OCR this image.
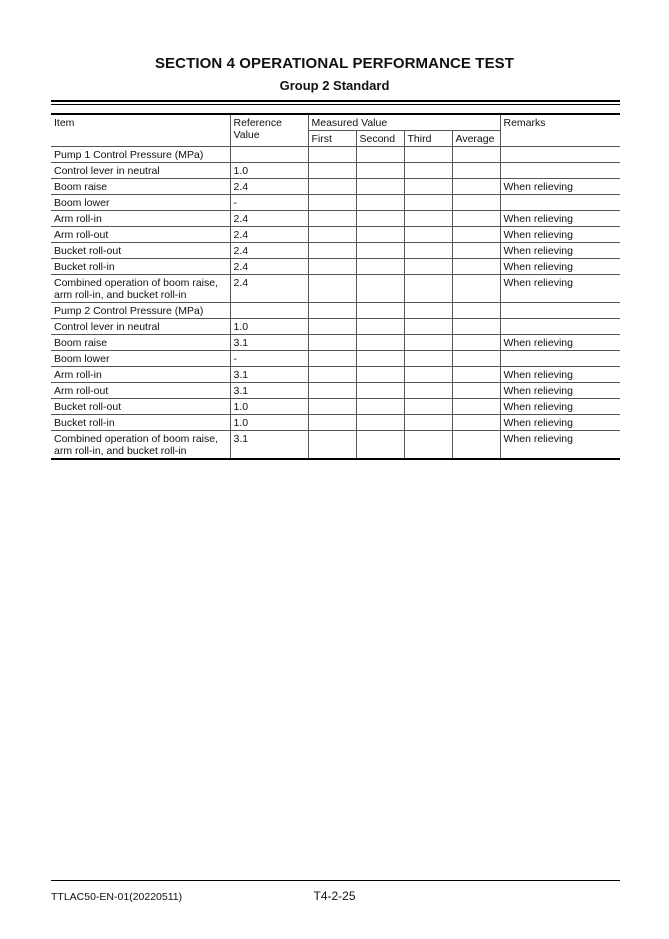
SECTION 4 OPERATIONAL PERFORMANCE TEST
Group 2 Standard
Item	Reference Value	Measured Value				Remarks
		First	Second	Third	Average	
Pump 1 Control Pressure (MPa)						
Control lever in neutral	1.0					
Boom raise	2.4					When relieving
Boom lower	-					
Arm roll-in	2.4					When relieving
Arm roll-out	2.4					When relieving
Bucket roll-out	2.4					When relieving
Bucket roll-in	2.4					When relieving
Combined operation of boom raise, arm roll-in, and bucket roll-in	2.4					When relieving
Pump 2 Control Pressure (MPa)						
Control lever in neutral	1.0					
Boom raise	3.1					When relieving
Boom lower	-					
Arm roll-in	3.1					When relieving
Arm roll-out	3.1					When relieving
Bucket roll-out	1.0					When relieving
Bucket roll-in	1.0					When relieving
Combined operation of boom raise, arm roll-in, and bucket roll-in	3.1					When relieving
TTLAC50-EN-01(20220511)	T4-2-25
